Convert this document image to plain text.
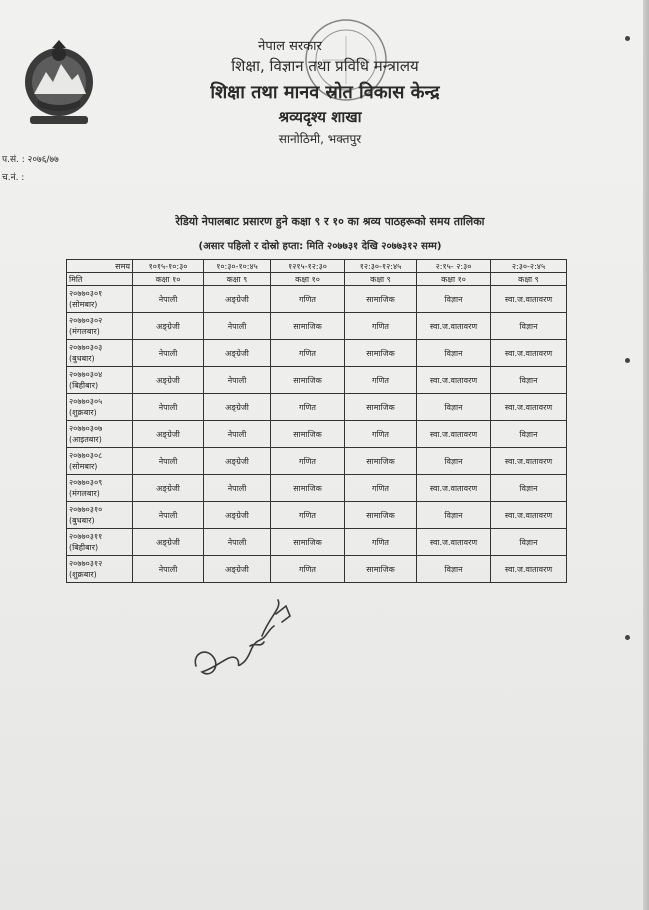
नेपाल सरकार
शिक्षा, विज्ञान तथा प्रविधि मन्त्रालय
शिक्षा तथा मानव स्रोत विकास केन्द्र
श्रव्यदृश्य शाखा
सानोठिमी, भक्तपुर
प.सं. : २०७६/७७
च.नं. :
रेडियो नेपालबाट प्रसारण हुने कक्षा ९ र १० का श्रव्य पाठहरूको समय तालिका
(असार पहिलो र दोस्रो हप्ता: मिति २०७७३१ देखि २०७७३१२ सम्म)
समय	१०१५-१०:३०	१०:३०-१०:४५	१२१५-१२:३०	१२:३०-१२:४५	२:१५- २:३०	२:३०-२:४५
मिति	कक्षा १०	कक्षा ९	कक्षा १०	कक्षा ९	कक्षा १०	कक्षा ९

२०७७०३०१
(सोमबार)	नेपाली	अङ्ग्रेजी	गणित	सामाजिक	विज्ञान	स्वा.ज.वातावरण

२०७७०३०२
(मंगलबार)	अङ्ग्रेजी	नेपाली	सामाजिक	गणित	स्वा.ज.वातावरण	विज्ञान

२०७७०३०३
(बुधबार)	नेपाली	अङ्ग्रेजी	गणित	सामाजिक	विज्ञान	स्वा.ज.वातावरण

२०७७०३०४
(बिहीबार)	अङ्ग्रेजी	नेपाली	सामाजिक	गणित	स्वा.ज.वातावरण	विज्ञान

२०७७०३०५
(शुक्रबार)	नेपाली	अङ्ग्रेजी	गणित	सामाजिक	विज्ञान	स्वा.ज.वातावरण

२०७७०३०७
(आइतबार)	अङ्ग्रेजी	नेपाली	सामाजिक	गणित	स्वा.ज.वातावरण	विज्ञान

२०७७०३०८
(सोमबार)	नेपाली	अङ्ग्रेजी	गणित	सामाजिक	विज्ञान	स्वा.ज.वातावरण

२०७७०३०९
(मंगलबार)	अङ्ग्रेजी	नेपाली	सामाजिक	गणित	स्वा.ज.वातावरण	विज्ञान

२०७७०३१०
(बुधबार)	नेपाली	अङ्ग्रेजी	गणित	सामाजिक	विज्ञान	स्वा.ज.वातावरण

२०७७०३११
(बिहीबार)	अङ्ग्रेजी	नेपाली	सामाजिक	गणित	स्वा.ज.वातावरण	विज्ञान

२०७७०३१२
(शुक्रबार)	नेपाली	अङ्ग्रेजी	गणित	सामाजिक	विज्ञान	स्वा.ज.वातावरण
